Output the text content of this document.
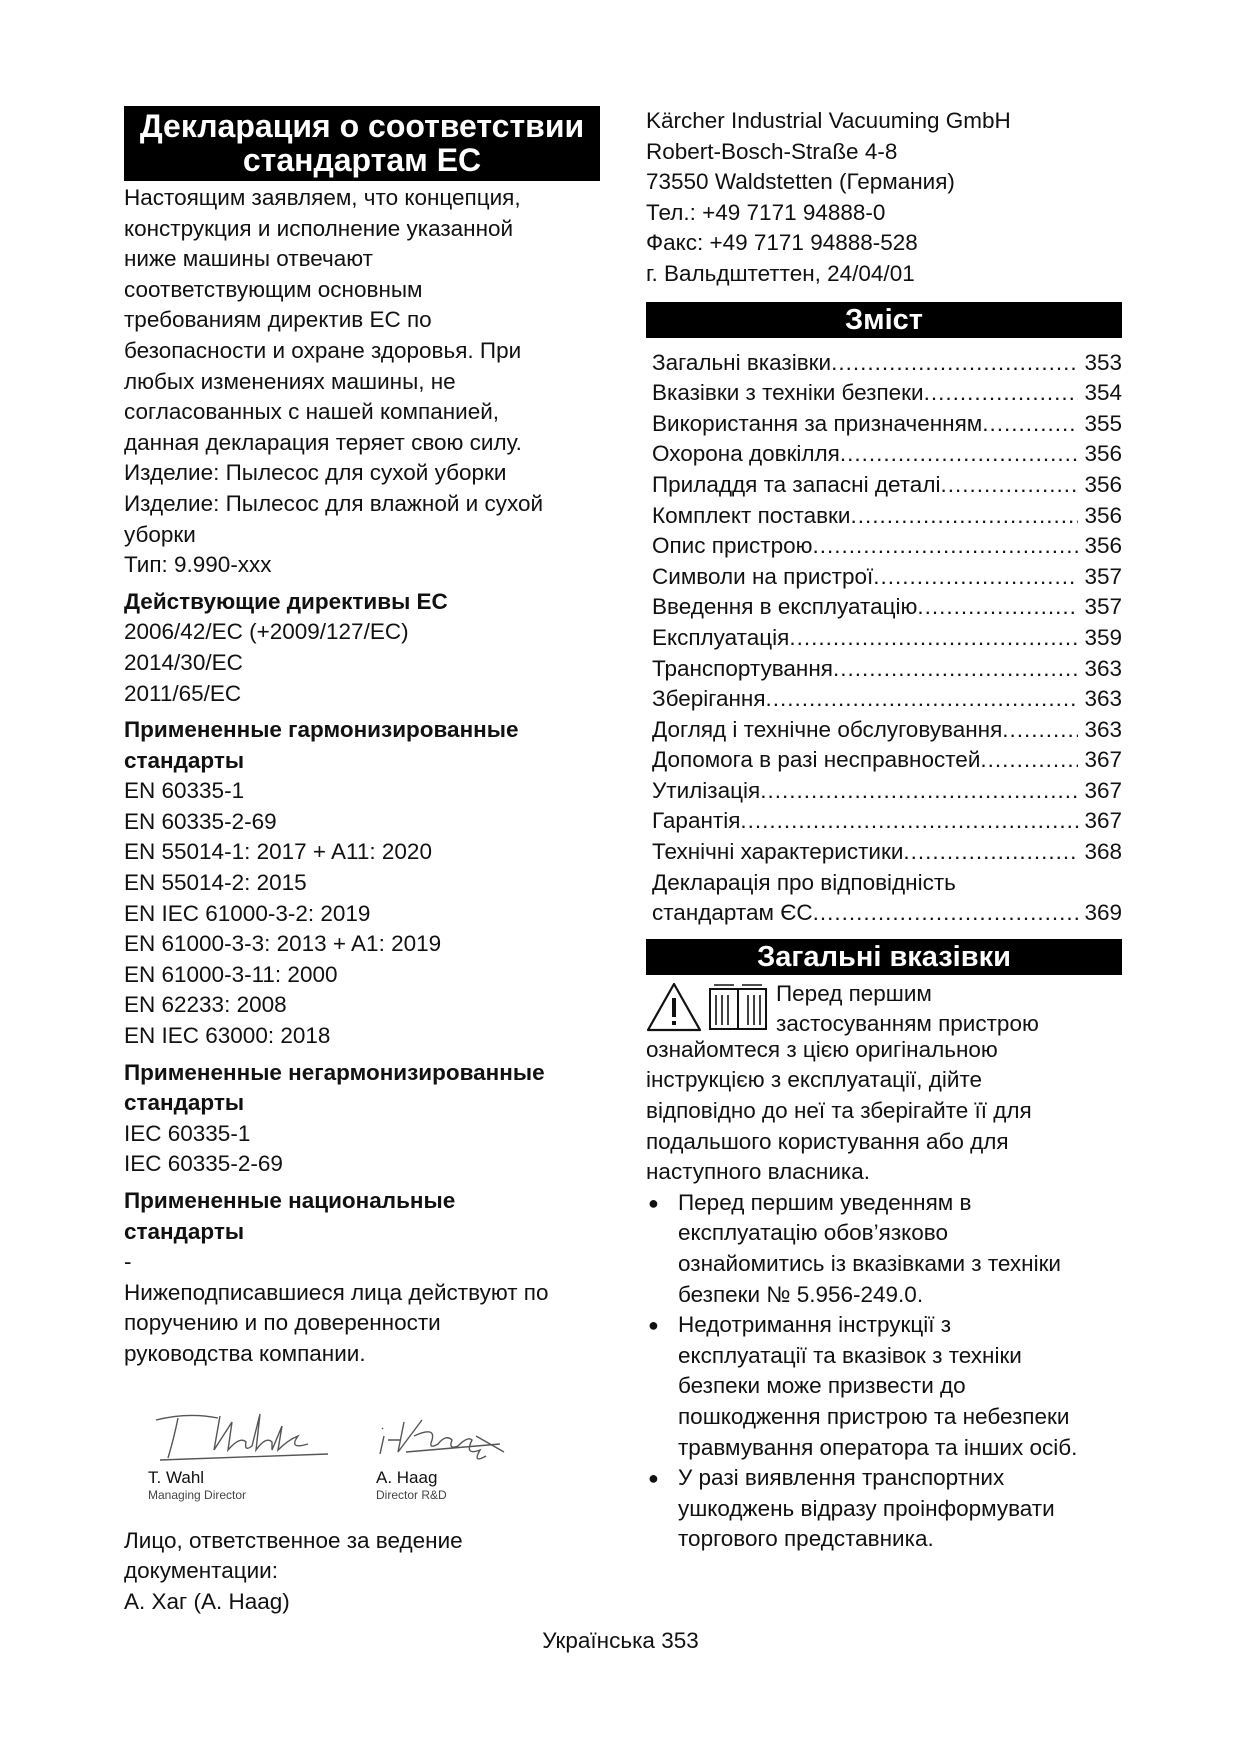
Декларация о соответствии
стандартам ЕС
Настоящим заявляем, что концепция,
конструкция и исполнение указанной
ниже машины отвечают
соответствующим основным
требованиям директив ЕС по
безопасности и охране здоровья. При
любых изменениях машины, не
согласованных с нашей компанией,
данная декларация теряет свою силу.
Изделие: Пылесос для сухой уборки
Изделие: Пылесос для влажной и сухой
уборки
Тип: 9.990-xxx
Действующие директивы ЕС
2006/42/EC (+2009/127/EC)
2014/30/EC
2011/65/EC
Примененные гармонизированные
стандарты
EN 60335-1
EN 60335-2-69
EN 55014-1: 2017 + A11: 2020
EN 55014-2: 2015
EN IEC 61000-3-2: 2019
EN 61000-3-3: 2013 + A1: 2019
EN 61000-3-11: 2000
EN 62233: 2008
EN IEC 63000: 2018
Примененные негармонизированные
стандарты
IEC 60335-1
IEC 60335-2-69
Примененные национальные
стандарты
-
Нижеподписавшиеся лица действуют по
поручению и по доверенности
руководства компании.
T. Wahl
Managing Director
A. Haag
Director R&D
Лицо, ответственное за ведение
документации:
А. Хаг (A. Haag)
Kärcher Industrial Vacuuming GmbH
Robert-Bosch-Straße 4-8
73550 Waldstetten (Германия)
Тел.: +49 7171 94888-0
Факс: +49 7171 94888-528
г. Вальдштеттен, 24/04/01
Зміст
Загальні вказівки .....	353
Вказівки з техніки безпеки .....	354
Використання за призначенням .....	355
Охорона довкілля .....	356
Приладдя та запасні деталі .....	356
Комплект поставки .....	356
Опис пристрою .....	356
Символи на пристрої .....	357
Введення в експлуатацію .....	357
Експлуатація .....	359
Транспортування .....	363
Зберігання .....	363
Догляд і технічне обслуговування .....	363
Допомога в разі несправностей .....	367
Утилізація .....	367
Гарантія .....	367
Технічні характеристики .....	368
Декларація про відповідність
стандартам ЄС .....	369
Загальні вказівки
Перед першим
застосуванням пристрою
ознайомтеся з цією оригінальною
інструкцією з експлуатації, дійте
відповідно до неї та зберігайте її для
подальшого користування або для
наступного власника.
● Перед першим уведенням в
експлуатацію обов’язково
ознайомитись із вказівками з техніки
безпеки № 5.956-249.0.
● Недотримання інструкції з
експлуатації та вказівок з техніки
безпеки може призвести до
пошкодження пристрою та небезпеки
травмування оператора та інших осіб.
● У разі виявлення транспортних
ушкоджень відразу проінформувати
торгового представника.
Українська 353
